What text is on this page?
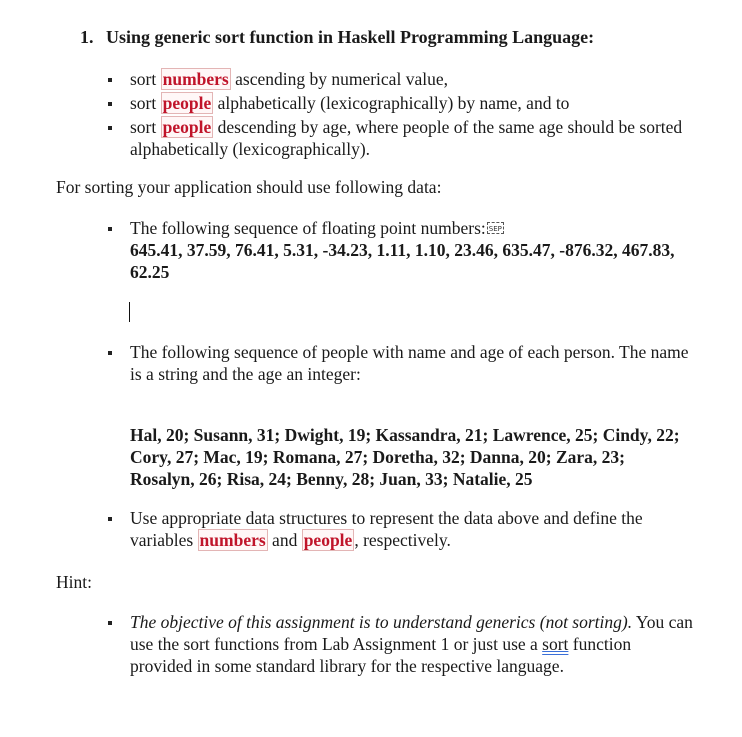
1. Using generic sort function in Haskell Programming Language:
sort numbers ascending by numerical value,
sort people alphabetically (lexicographically) by name, and to
sort people descending by age, where people of the same age should be sorted alphabetically (lexicographically).
For sorting your application should use following data:
The following sequence of floating point numbers: SEP
645.41, 37.59, 76.41, 5.31, -34.23, 1.11, 1.10, 23.46, 635.47, -876.32, 467.83, 62.25
The following sequence of people with name and age of each person. The name is a string and the age an integer:
Hal, 20; Susann, 31; Dwight, 19; Kassandra, 21; Lawrence, 25; Cindy, 22; Cory, 27; Mac, 19; Romana, 27; Doretha, 32; Danna, 20; Zara, 23; Rosalyn, 26; Risa, 24; Benny, 28; Juan, 33; Natalie, 25
Use appropriate data structures to represent the data above and define the variables numbers and people , respectively.
Hint:
The objective of this assignment is to understand generics (not sorting). You can use the sort functions from Lab Assignment 1 or just use a sort function provided in some standard library for the respective language.
